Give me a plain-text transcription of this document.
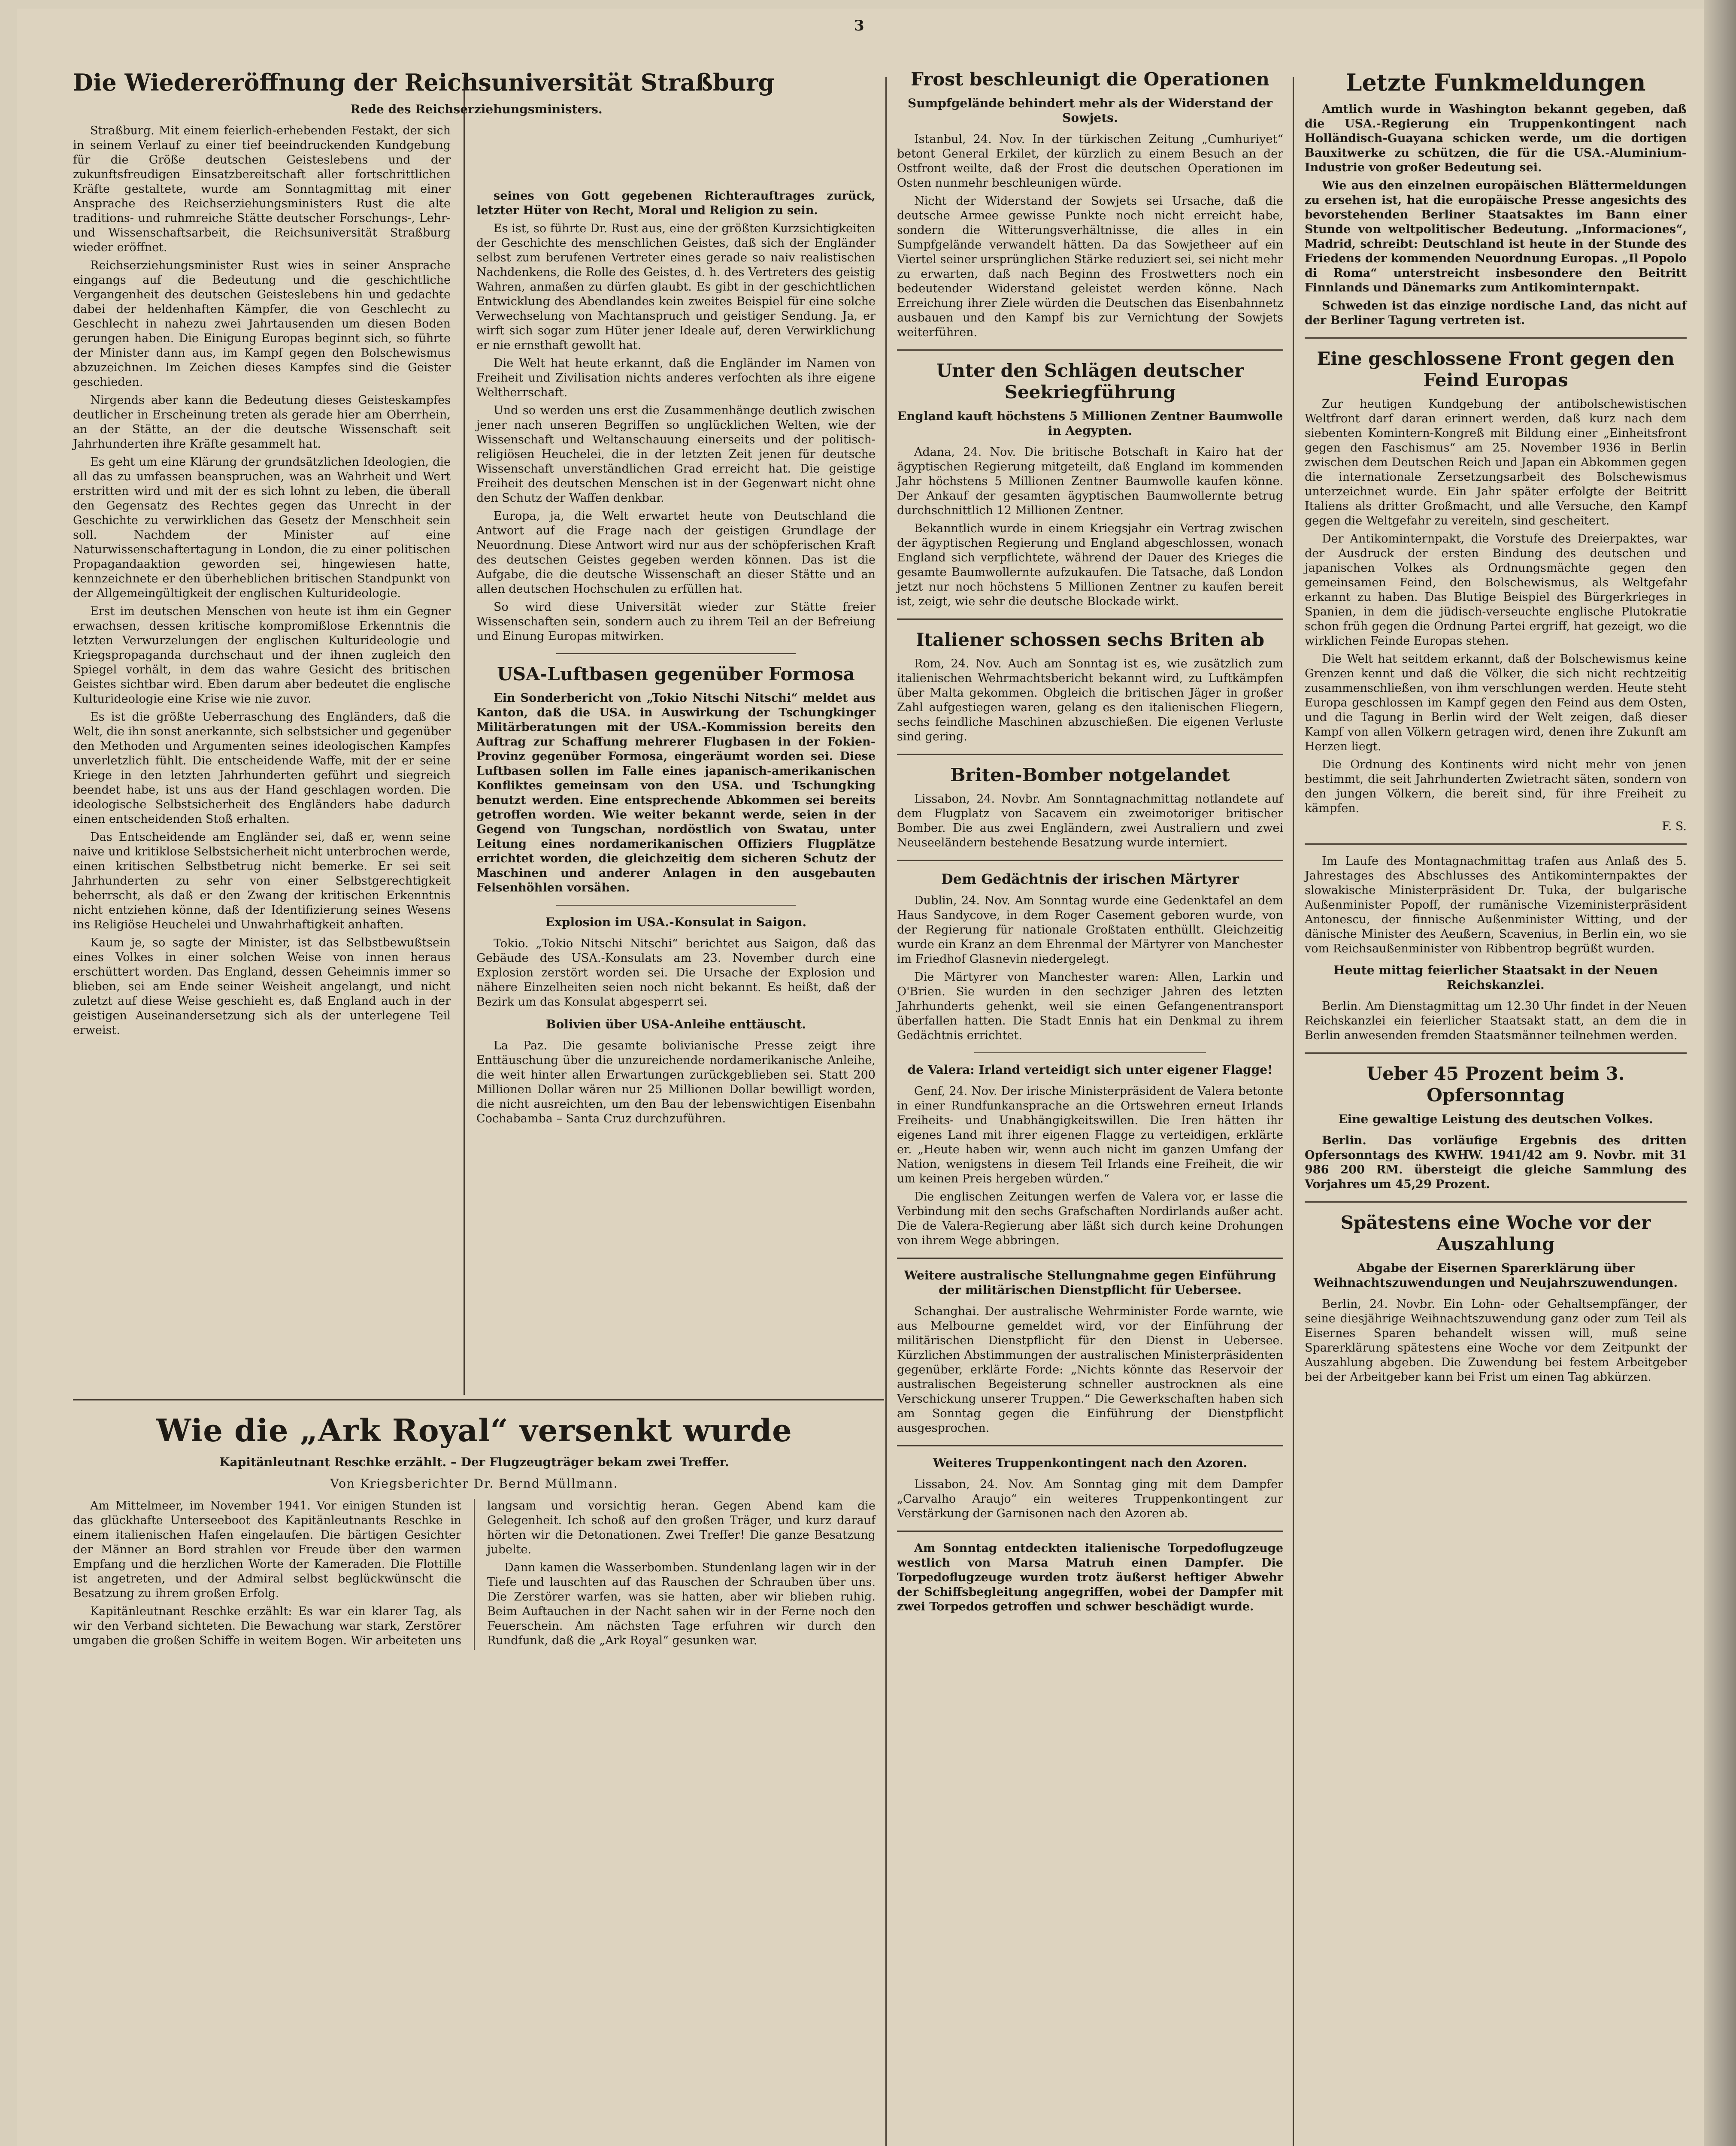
Die Wiedereröffnung der Reichsuniversität Straßburg
Rede des Reichserziehungsministers.

Straßburg. Mit einem feierlich-erhebenden Festakt, der sich in seinem Verlauf zu einer tief beeindruckenden Kundgebung für die Größe deutschen Geisteslebens und der zukunftsfreudigen Einsatzbereitschaft aller fortschrittlichen Kräfte gestaltete, wurde am Sonntagmittag mit einer Ansprache des Reichserziehungsministers Rust die alte traditions- und ruhmreiche Stätte deutscher Forschungs-, Lehr- und Wissenschaftsarbeit, die Reichsuniversität Straßburg wieder eröffnet.

Reichserziehungsminister Rust wies in seiner Ansprache eingangs auf die Bedeutung und die geschichtliche Vergangenheit des deutschen Geisteslebens hin und gedachte dabei der heldenhaften Kämpfer, die von Geschlecht zu Geschlecht in nahezu zwei Jahrtausenden um diesen Boden gerungen haben. Die Einigung Europas beginnt sich, so führte der Minister dann aus, im Kampf gegen den Bolschewismus abzuzeichnen. Im Zeichen dieses Kampfes sind die Geister geschieden.

Nirgends aber kann die Bedeutung dieses Geisteskampfes deutlicher in Erscheinung treten als gerade hier am Oberrhein, an der Stätte, an der die deutsche Wissenschaft seit Jahrhunderten ihre Kräfte gesammelt hat.

Es geht um eine Klärung der grundsätzlichen Ideologien, die all das zu umfassen beanspruchen, was an Wahrheit und Wert erstritten wird und mit der es sich lohnt zu leben, die überall den Gegensatz des Rechtes gegen das Unrecht in der Geschichte zu verwirklichen das Gesetz der Menschheit sein soll. Nachdem der Minister auf eine Naturwissenschaftertagung in London, die zu einer politischen Propagandaaktion geworden sei, hingewiesen hatte, kennzeichnete er den überheblichen britischen Standpunkt von der Allgemeingültigkeit der englischen Kulturideologie.

Erst im deutschen Menschen von heute ist ihm ein Gegner erwachsen, dessen kritische kompromißlose Erkenntnis die letzten Verwurzelungen der englischen Kulturideologie und Kriegspropaganda durchschaut und der ihnen zugleich den Spiegel vorhält, in dem das wahre Gesicht des britischen Geistes sichtbar wird. Eben darum aber bedeutet die englische Kulturideologie eine Krise wie nie zuvor.

Es ist die größte Ueberraschung des Engländers, daß die Welt, die ihn sonst anerkannte, sich selbstsicher und gegenüber den Methoden und Argumenten seines ideologischen Kampfes unverletzlich fühlt. Die entscheidende Waffe, mit der er seine Kriege in den letzten Jahrhunderten geführt und siegreich beendet habe, ist uns aus der Hand geschlagen worden. Die ideologische Selbstsicherheit des Engländers habe dadurch einen entscheidenden Stoß erhalten.

Das Entscheidende am Engländer sei, daß er, wenn seine naive und kritiklose Selbstsicherheit nicht unterbrochen werde, einen kritischen Selbstbetrug nicht bemerke. Er sei seit Jahrhunderten zu sehr von einer Selbstgerechtigkeit beherrscht, als daß er den Zwang der kritischen Erkenntnis nicht entziehen könne, daß der Identifizierung seines Wesens ins Religiöse Heuchelei und Unwahrhaftigkeit anhaften.

Kaum je, so sagte der Minister, ist das Selbstbewußtsein eines Volkes in einer solchen Weise von innen heraus erschüttert worden. Das England, dessen Geheimnis immer so blieben, sei am Ende seiner Weisheit angelangt, und nicht zuletzt auf diese Weise geschieht es, daß England auch in der geistigen Auseinandersetzung sich als der unterlegene Teil erweist.

seines von Gott gegebenen Richterauftrages zurück, letzter Hüter von Recht, Moral und Religion zu sein.

Es ist, so führte Dr. Rust aus, eine der größten Kurzsichtigkeiten der Geschichte des menschlichen Geistes, daß sich der Engländer selbst zum berufenen Vertreter eines gerade so naiv realistischen Nachdenkens, die Rolle des Geistes, d. h. des Vertreters des geistig Wahren, anmaßen zu dürfen glaubt. Es gibt in der geschichtlichen Entwicklung des Abendlandes kein zweites Beispiel für eine solche Verwechselung von Machtanspruch und geistiger Sendung. Ja, er wirft sich sogar zum Hüter jener Ideale auf, deren Verwirklichung er nie ernsthaft gewollt hat.

Die Welt hat heute erkannt, daß die Engländer im Namen von Freiheit und Zivilisation nichts anderes verfochten als ihre eigene Weltherrschaft.

Und so werden uns erst die Zusammenhänge deutlich zwischen jener nach unseren Begriffen so unglücklichen Welten, wie der Wissenschaft und Weltanschauung einerseits und der politisch-religiösen Heuchelei, die in der letzten Zeit jenen für deutsche Wissenschaft unverständlichen Grad erreicht hat. Die geistige Freiheit des deutschen Menschen ist in der Gegenwart nicht ohne den Schutz der Waffen denkbar.

Europa, ja, die Welt erwartet heute von Deutschland die Antwort auf die Frage nach der geistigen Grundlage der Neuordnung. Diese Antwort wird nur aus der schöpferischen Kraft des deutschen Geistes gegeben werden können. Das ist die Aufgabe, die die deutsche Wissenschaft an dieser Stätte und an allen deutschen Hochschulen zu erfüllen hat.

So wird diese Universität wieder zur Stätte freier Wissenschaften sein, sondern auch zu ihrem Teil an der Befreiung und Einung Europas mitwirken.

USA-Luftbasen gegenüber Formosa

Ein Sonderbericht von „Tokio Nitschi Nitschi“ meldet aus Kanton, daß die USA. in Auswirkung der Tschungkinger Militärberatungen mit der USA.-Kommission bereits den Auftrag zur Schaffung mehrerer Flugbasen in der Fokien-Provinz gegenüber Formosa, eingeräumt worden sei. Diese Luftbasen sollen im Falle eines japanisch-amerikanischen Konfliktes gemeinsam von den USA. und Tschungking benutzt werden. Eine entsprechende Abkommen sei bereits getroffen worden. Wie weiter bekannt werde, seien in der Gegend von Tungschan, nordöstlich von Swatau, unter Leitung eines nordamerikanischen Offiziers Flugplätze errichtet worden, die gleichzeitig dem sicheren Schutz der Maschinen und anderer Anlagen in den ausgebauten Felsenhöhlen vorsähen.

Explosion im USA.-Konsulat in Saigon.

Tokio. „Tokio Nitschi Nitschi“ berichtet aus Saigon, daß das Gebäude des USA.-Konsulats am 23. November durch eine Explosion zerstört worden sei. Die Ursache der Explosion und nähere Einzelheiten seien noch nicht bekannt. Es heißt, daß der Bezirk um das Konsulat abgesperrt sei.

Bolivien über USA-Anleihe enttäuscht.

La Paz. Die gesamte bolivianische Presse zeigt ihre Enttäuschung über die unzureichende nordamerikanische Anleihe, die weit hinter allen Erwartungen zurückgeblieben sei. Statt 200 Millionen Dollar wären nur 25 Millionen Dollar bewilligt worden, die nicht ausreichten, um den Bau der lebenswichtigen Eisenbahn Cochabamba – Santa Cruz durchzuführen.

Wie die „Ark Royal“ versenkt wurde
Kapitänleutnant Reschke erzählt. – Der Flugzeugträger bekam zwei Treffer.
Von Kriegsberichter Dr. Bernd Müllmann.

Am Mittelmeer, im November 1941. Vor einigen Stunden ist das glückhafte Unterseeboot des Kapitänleutnants Reschke in einem italienischen Hafen eingelaufen. Die bärtigen Gesichter der Männer an Bord strahlen vor Freude über den warmen Empfang und die herzlichen Worte der Kameraden. Die Flottille ist angetreten, und der Admiral selbst beglückwünscht die Besatzung zu ihrem großen Erfolg.

Kapitänleutnant Reschke erzählt: Es war ein klarer Tag, als wir den Verband sichteten. Die Bewachung war stark, Zerstörer umgaben die großen Schiffe in weitem Bogen. Wir arbeiteten uns langsam und vorsichtig heran. Gegen Abend kam die Gelegenheit. Ich schoß auf den großen Träger, und kurz darauf hörten wir die Detonationen. Zwei Treffer! Die ganze Besatzung jubelte.

Dann kamen die Wasserbomben. Stundenlang lagen wir in der Tiefe und lauschten auf das Rauschen der Schrauben über uns. Die Zerstörer warfen, was sie hatten, aber wir blieben ruhig. Beim Auftauchen in der Nacht sahen wir in der Ferne noch den Feuerschein. Am nächsten Tage erfuhren wir durch den Rundfunk, daß die „Ark Royal“ gesunken war.

Frost beschleunigt die Operationen
Sumpfgelände behindert mehr als der Widerstand der Sowjets.

Istanbul, 24. Nov. In der türkischen Zeitung „Cumhuriyet“ betont General Erkilet, der kürzlich zu einem Besuch an der Ostfront weilte, daß der Frost die deutschen Operationen im Osten nunmehr beschleunigen würde.

Nicht der Widerstand der Sowjets sei Ursache, daß die deutsche Armee gewisse Punkte noch nicht erreicht habe, sondern die Witterungsverhältnisse, die alles in ein Sumpfgelände verwandelt hätten. Da das Sowjetheer auf ein Viertel seiner ursprünglichen Stärke reduziert sei, sei nicht mehr zu erwarten, daß nach Beginn des Frostwetters noch ein bedeutender Widerstand geleistet werden könne. Nach Erreichung ihrer Ziele würden die Deutschen das Eisenbahnnetz ausbauen und den Kampf bis zur Vernichtung der Sowjets weiterführen.

Unter den Schlägen deutscher Seekriegführung
England kauft höchstens 5 Millionen Zentner Baumwolle in Aegypten.

Adana, 24. Nov. Die britische Botschaft in Kairo hat der ägyptischen Regierung mitgeteilt, daß England im kommenden Jahr höchstens 5 Millionen Zentner Baumwolle kaufen könne. Der Ankauf der gesamten ägyptischen Baumwollernte betrug durchschnittlich 12 Millionen Zentner.

Bekanntlich wurde in einem Kriegsjahr ein Vertrag zwischen der ägyptischen Regierung und England abgeschlossen, wonach England sich verpflichtete, während der Dauer des Krieges die gesamte Baumwollernte aufzukaufen. Die Tatsache, daß London jetzt nur noch höchstens 5 Millionen Zentner zu kaufen bereit ist, zeigt, wie sehr die deutsche Blockade wirkt.

Italiener schossen sechs Briten ab

Rom, 24. Nov. Auch am Sonntag ist es, wie zusätzlich zum italienischen Wehrmachtsbericht bekannt wird, zu Luftkämpfen über Malta gekommen. Obgleich die britischen Jäger in großer Zahl aufgestiegen waren, gelang es den italienischen Fliegern, sechs feindliche Maschinen abzuschießen. Die eigenen Verluste sind gering.

Briten-Bomber notgelandet

Lissabon, 24. Novbr. Am Sonntagnachmittag notlandete auf dem Flugplatz von Sacavem ein zweimotoriger britischer Bomber. Die aus zwei Engländern, zwei Australiern und zwei Neuseeländern bestehende Besatzung wurde interniert.

Dem Gedächtnis der irischen Märtyrer

Dublin, 24. Nov. Am Sonntag wurde eine Gedenktafel an dem Haus Sandycove, in dem Roger Casement geboren wurde, von der Regierung für nationale Großtaten enthüllt. Gleichzeitig wurde ein Kranz an dem Ehrenmal der Märtyrer von Manchester im Friedhof Glasnevin niedergelegt.

Die Märtyrer von Manchester waren: Allen, Larkin und O'Brien. Sie wurden in den sechziger Jahren des letzten Jahrhunderts gehenkt, weil sie einen Gefangenentransport überfallen hatten. Die Stadt Ennis hat ein Denkmal zu ihrem Gedächtnis errichtet.

de Valera: Irland verteidigt sich unter eigener Flagge!

Genf, 24. Nov. Der irische Ministerpräsident de Valera betonte in einer Rundfunkansprache an die Ortswehren erneut Irlands Freiheits- und Unabhängigkeitswillen. Die Iren hätten ihr eigenes Land mit ihrer eigenen Flagge zu verteidigen, erklärte er. „Heute haben wir, wenn auch nicht im ganzen Umfang der Nation, wenigstens in diesem Teil Irlands eine Freiheit, die wir um keinen Preis hergeben würden.“

Die englischen Zeitungen werfen de Valera vor, er lasse die Verbindung mit den sechs Grafschaften Nordirlands außer acht. Die de Valera-Regierung aber läßt sich durch keine Drohungen von ihrem Wege abbringen.

Weitere australische Stellungnahme gegen Einführung der militärischen Dienstpflicht für Uebersee.

Schanghai. Der australische Wehrminister Forde warnte, wie aus Melbourne gemeldet wird, vor der Einführung der militärischen Dienstpflicht für den Dienst in Uebersee. Kürzlichen Abstimmungen der australischen Ministerpräsidenten gegenüber, erklärte Forde: „Nichts könnte das Reservoir der australischen Begeisterung schneller austrocknen als eine Verschickung unserer Truppen.“ Die Gewerkschaften haben sich am Sonntag gegen die Einführung der Dienstpflicht ausgesprochen.

Weiteres Truppenkontingent nach den Azoren.

Lissabon, 24. Nov. Am Sonntag ging mit dem Dampfer „Carvalho Araujo“ ein weiteres Truppenkontingent zur Verstärkung der Garnisonen nach den Azoren ab.

Am Sonntag entdeckten italienische Torpedoflugzeuge westlich von Marsa Matruh einen Dampfer. Die Torpedoflugzeuge wurden trotz äußerst heftiger Abwehr der Schiffsbegleitung angegriffen, wobei der Dampfer mit zwei Torpedos getroffen und schwer beschädigt wurde.

Letzte Funkmeldungen

Amtlich wurde in Washington bekannt gegeben, daß die USA.-Regierung ein Truppenkontingent nach Holländisch-Guayana schicken werde, um die dortigen Bauxitwerke zu schützen, die für die USA.-Aluminium-Industrie von großer Bedeutung sei.

Wie aus den einzelnen europäischen Blättermeldungen zu ersehen ist, hat die europäische Presse angesichts des bevorstehenden Berliner Staatsaktes im Bann einer Stunde von weltpolitischer Bedeutung. „Informaciones“, Madrid, schreibt: Deutschland ist heute in der Stunde des Friedens der kommenden Neuordnung Europas. „Il Popolo di Roma“ unterstreicht insbesondere den Beitritt Finnlands und Dänemarks zum Antikominternpakt.

Schweden ist das einzige nordische Land, das nicht auf der Berliner Tagung vertreten ist.

Eine geschlossene Front gegen den Feind Europas

Zur heutigen Kundgebung der antibolschewistischen Weltfront darf daran erinnert werden, daß kurz nach dem siebenten Komintern-Kongreß mit Bildung einer „Einheitsfront gegen den Faschismus“ am 25. November 1936 in Berlin zwischen dem Deutschen Reich und Japan ein Abkommen gegen die internationale Zersetzungsarbeit des Bolschewismus unterzeichnet wurde. Ein Jahr später erfolgte der Beitritt Italiens als dritter Großmacht, und alle Versuche, den Kampf gegen die Weltgefahr zu vereiteln, sind gescheitert.

Der Antikominternpakt, die Vorstufe des Dreierpaktes, war der Ausdruck der ersten Bindung des deutschen und japanischen Volkes als Ordnungsmächte gegen den gemeinsamen Feind, den Bolschewismus, als Weltgefahr erkannt zu haben. Das Blutige Beispiel des Bürgerkrieges in Spanien, in dem die jüdisch-verseuchte englische Plutokratie schon früh gegen die Ordnung Partei ergriff, hat gezeigt, wo die wirklichen Feinde Europas stehen.

Die Welt hat seitdem erkannt, daß der Bolschewismus keine Grenzen kennt und daß die Völker, die sich nicht rechtzeitig zusammenschließen, von ihm verschlungen werden. Heute steht Europa geschlossen im Kampf gegen den Feind aus dem Osten, und die Tagung in Berlin wird der Welt zeigen, daß dieser Kampf von allen Völkern getragen wird, denen ihre Zukunft am Herzen liegt.

Die Ordnung des Kontinents wird nicht mehr von jenen bestimmt, die seit Jahrhunderten Zwietracht säten, sondern von den jungen Völkern, die bereit sind, für ihre Freiheit zu kämpfen.

F. S.

Im Laufe des Montagnachmittag trafen aus Anlaß des 5. Jahrestages des Abschlusses des Antikominternpaktes der slowakische Ministerpräsident Dr. Tuka, der bulgarische Außenminister Popoff, der rumänische Vizeministerpräsident Antonescu, der finnische Außenminister Witting, und der dänische Minister des Aeußern, Scavenius, in Berlin ein, wo sie vom Reichsaußenminister von Ribbentrop begrüßt wurden.

Heute mittag feierlicher Staatsakt in der Neuen Reichskanzlei.

Berlin. Am Dienstagmittag um 12.30 Uhr findet in der Neuen Reichskanzlei ein feierlicher Staatsakt statt, an dem die in Berlin anwesenden fremden Staatsmänner teilnehmen werden.

Ueber 45 Prozent beim 3. Opfersonntag
Eine gewaltige Leistung des deutschen Volkes.

Berlin. Das vorläufige Ergebnis des dritten Opfersonntags des KWHW. 1941/42 am 9. Novbr. mit 31 986 200 RM. übersteigt die gleiche Sammlung des Vorjahres um 45,29 Prozent.

Spätestens eine Woche vor der Auszahlung
Abgabe der Eisernen Sparerklärung über Weihnachtszuwendungen und Neujahrszuwendungen.

Berlin, 24. Novbr. Ein Lohn- oder Gehaltsempfänger, der seine diesjährige Weihnachtszuwendung ganz oder zum Teil als Eisernes Sparen behandelt wissen will, muß seine Sparerklärung spätestens eine Woche vor dem Zeitpunkt der Auszahlung abgeben. Die Zuwendung bei festem Arbeitgeber bei der Arbeitgeber kann bei Frist um einen Tag abkürzen.

3
